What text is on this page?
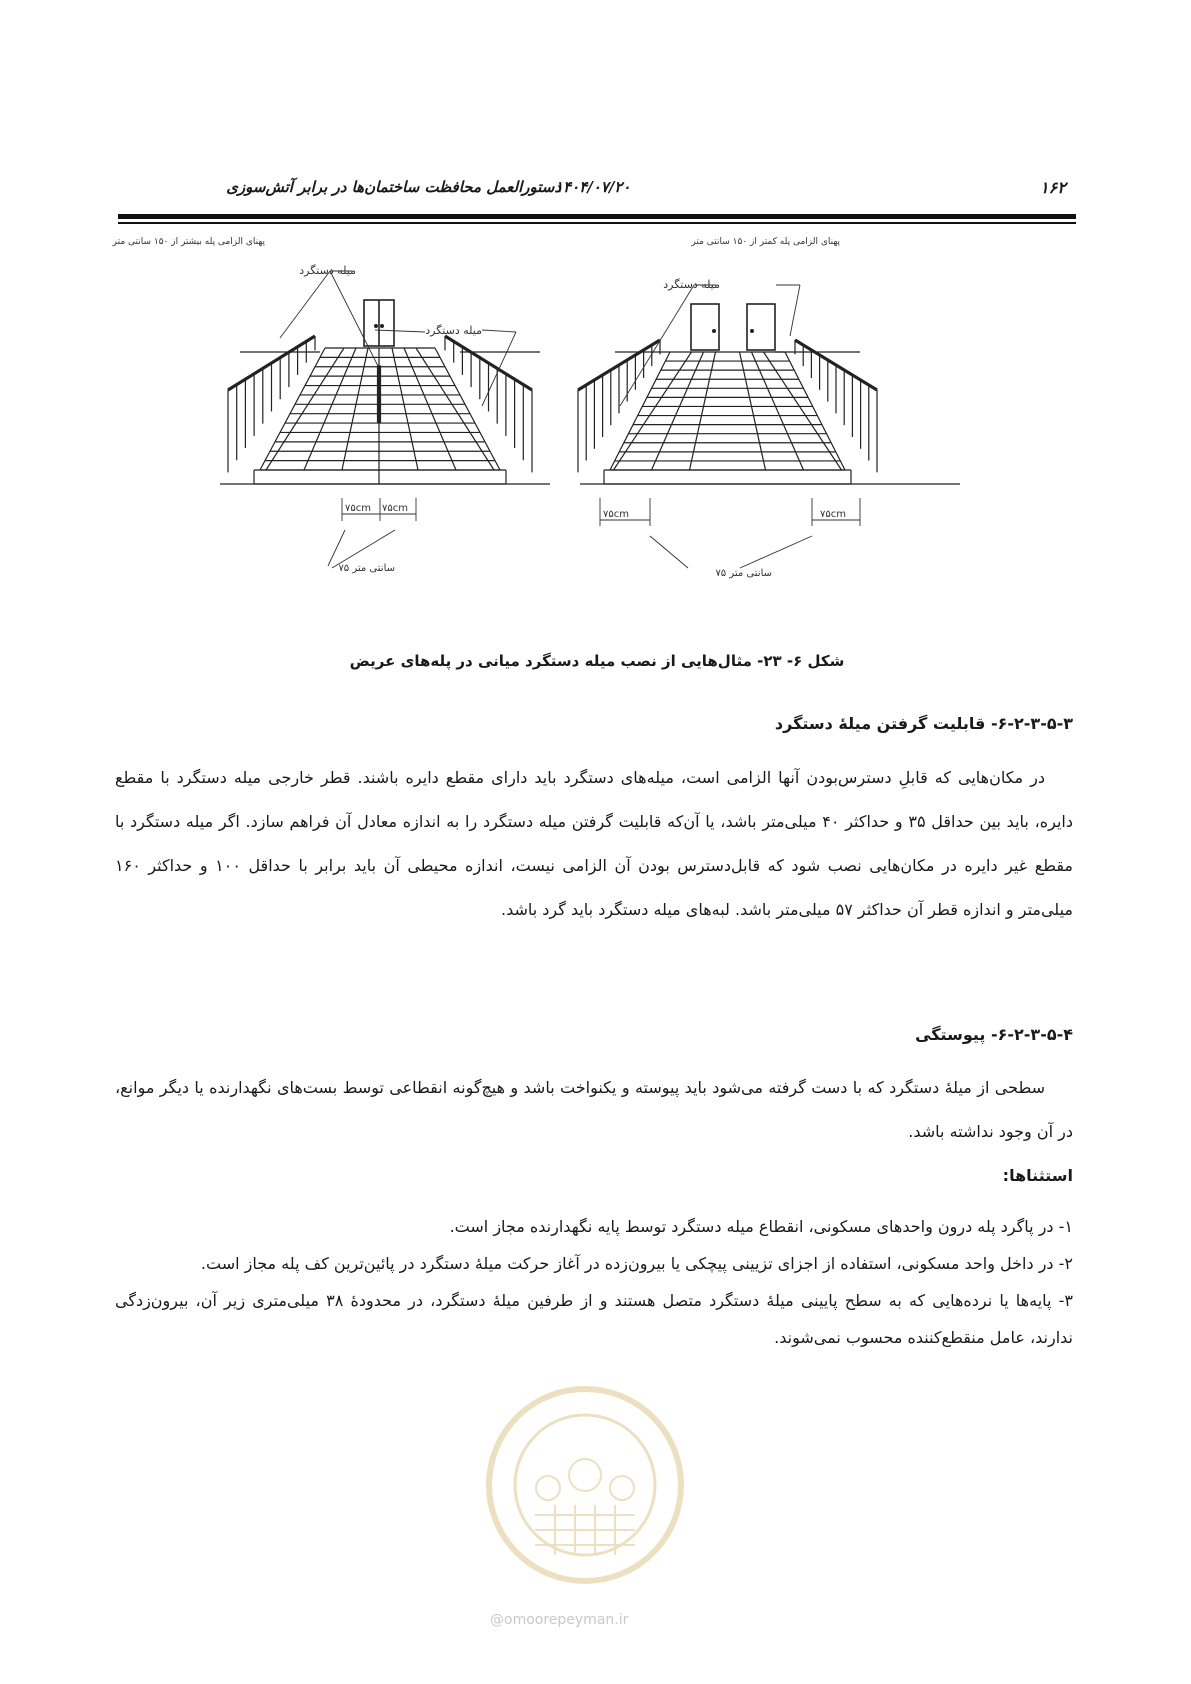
دستورالعمل محافظت ساختمان‌ها در برابر آتش‌سوزی
۱۴۰۴/۰۷/۲۰	۱۶۲
پهنای الزامی پله بیشتر از ۱۵۰ سانتی متر	پهنای الزامی پله کمتر از ۱۵۰ سانتی متر
میله دستگرد
میله دستگرد
میله دستگرد
۷۵cm ۷۵cm
سانتی متر ۷۵
۷۵cm	۷۵cm
سانتی متر ۷۵
شکل ۶- ۲۳- مثال‌هایی از نصب میله دستگرد میانی در پله‌های عریض
۶-۲-۳-۵-۳- قابلیت گرفتن میلهٔ دستگرد

در مکان‌هایی که قابلِ دسترس‌بودن آنها الزامی است، میله‌های دستگرد باید دارای مقطع دایره باشند. قطر خارجی میله دستگرد با مقطع دایره، باید بین حداقل ۳۵ و حداکثر ۴۰ میلی‌متر باشد، یا آن‌که قابلیت گرفتن میله دستگرد را به اندازه معادل آن فراهم سازد. اگر میله دستگرد با مقطع غیر دایره در مکان‌هایی نصب شود که قابل‌دسترس بودن آن الزامی نیست، اندازه محیطی آن باید برابر با حداقل ۱۰۰ و حداکثر ۱۶۰ میلی‌متر و اندازه قطر آن حداکثر ۵۷ میلی‌متر باشد. لبه‌های میله دستگرد باید گرد باشد.

۶-۲-۳-۵-۴- پیوستگی

سطحی از میلهٔ دستگرد که با دست گرفته می‌شود باید پیوسته و یکنواخت باشد و هیچ‌گونه انقطاعی توسط بست‌های نگهدارنده یا دیگر موانع، در آن وجود نداشته باشد.

استثناها:
۱- در پاگرد پله درون واحدهای مسکونی، انقطاع میله دستگرد توسط پایه نگهدارنده مجاز است.
۲- در داخل واحد مسکونی، استفاده از اجزای تزیینی پیچکی یا بیرون‌زده در آغاز حرکت میلهٔ دستگرد در پائین‌ترین کف پله مجاز است.
۳- پایه‌ها یا نرده‌هایی که به سطح پایینی میلهٔ دستگرد متصل هستند و از طرفین میلهٔ دستگرد، در محدودهٔ ۳۸ میلی‌متری زیر آن، بیرون‌زدگی ندارند، عامل منقطع‌کننده محسوب نمی‌شوند.
@omoorepeyman.ir
